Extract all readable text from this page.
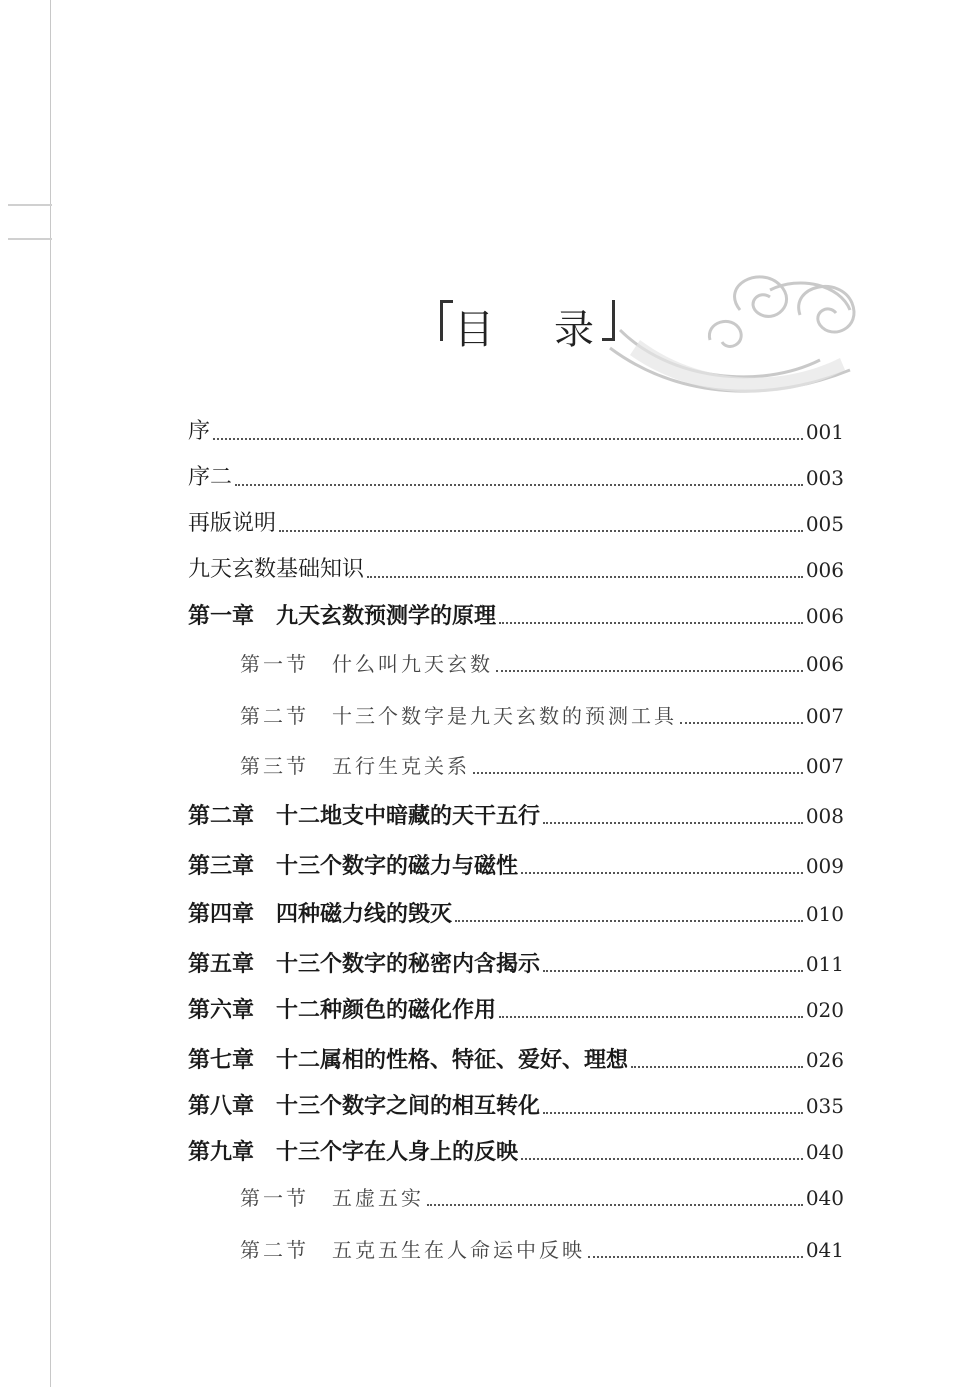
目　录
序	001
序二	003
再版说明	005
九天玄数基础知识	006
第一章　九天玄数预测学的原理	006
第一节　什么叫九天玄数	006
第二节　十三个数字是九天玄数的预测工具	007
第三节　五行生克关系	007
第二章　十二地支中暗藏的天干五行	008
第三章　十三个数字的磁力与磁性	009
第四章　四种磁力线的毁灭	010
第五章　十三个数字的秘密内含揭示	011
第六章　十二种颜色的磁化作用	020
第七章　十二属相的性格、特征、爱好、理想	026
第八章　十三个数字之间的相互转化	035
第九章　十三个字在人身上的反映	040
第一节　五虚五实	040
第二节　五克五生在人命运中反映	041
